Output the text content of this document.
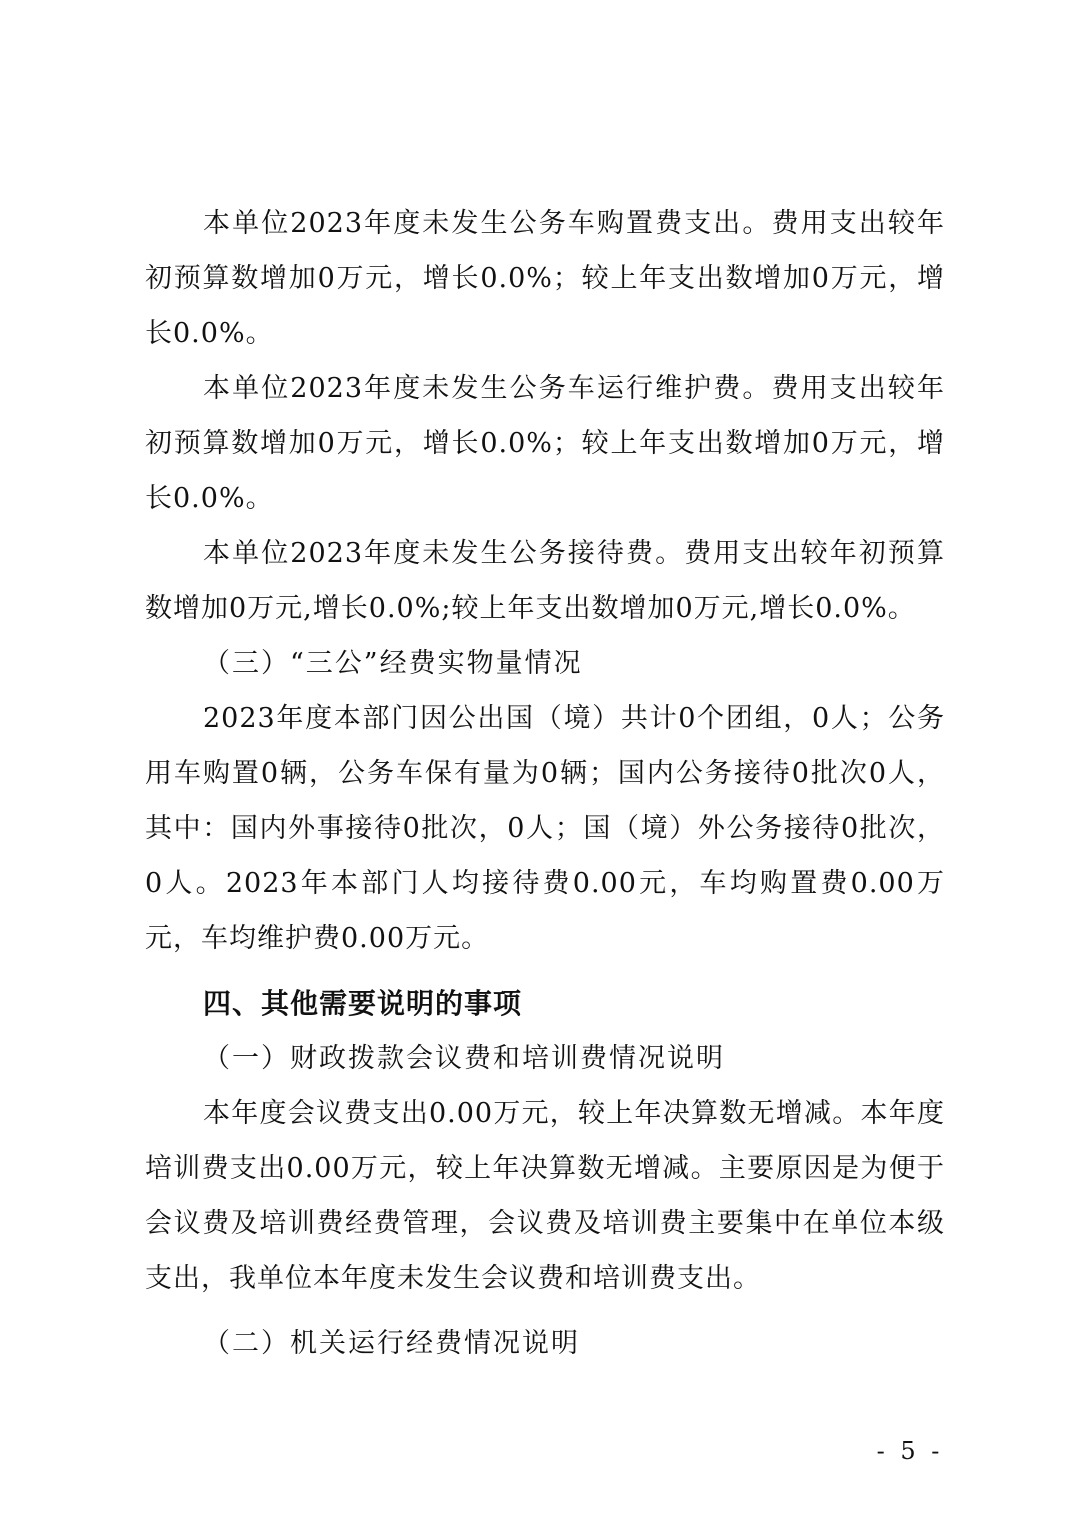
本单位2023年度未发生公务车购置费支出。费用支出较年初预算数增加0万元，增长0.0%；较上年支出数增加0万元，增长0.0%。

本单位2023年度未发生公务车运行维护费。费用支出较年初预算数增加0万元，增长0.0%；较上年支出数增加0万元，增长0.0%。

本单位2023年度未发生公务接待费。费用支出较年初预算数增加0万元,增长0.0%;较上年支出数增加0万元,增长0.0%。

（三）“三公”经费实物量情况

2023年度本部门因公出国（境）共计0个团组，0人；公务用车购置0辆，公务车保有量为0辆；国内公务接待0批次0人，其中：国内外事接待0批次，0人；国（境）外公务接待0批次，0人。2023年本部门人均接待费0.00元，车均购置费0.00万元，车均维护费0.00万元。

四、其他需要说明的事项

（一）财政拨款会议费和培训费情况说明

本年度会议费支出0.00万元，较上年决算数无增减。本年度培训费支出0.00万元，较上年决算数无增减。主要原因是为便于会议费及培训费经费管理，会议费及培训费主要集中在单位本级支出，我单位本年度未发生会议费和培训费支出。

（二）机关运行经费情况说明

- 5 -
